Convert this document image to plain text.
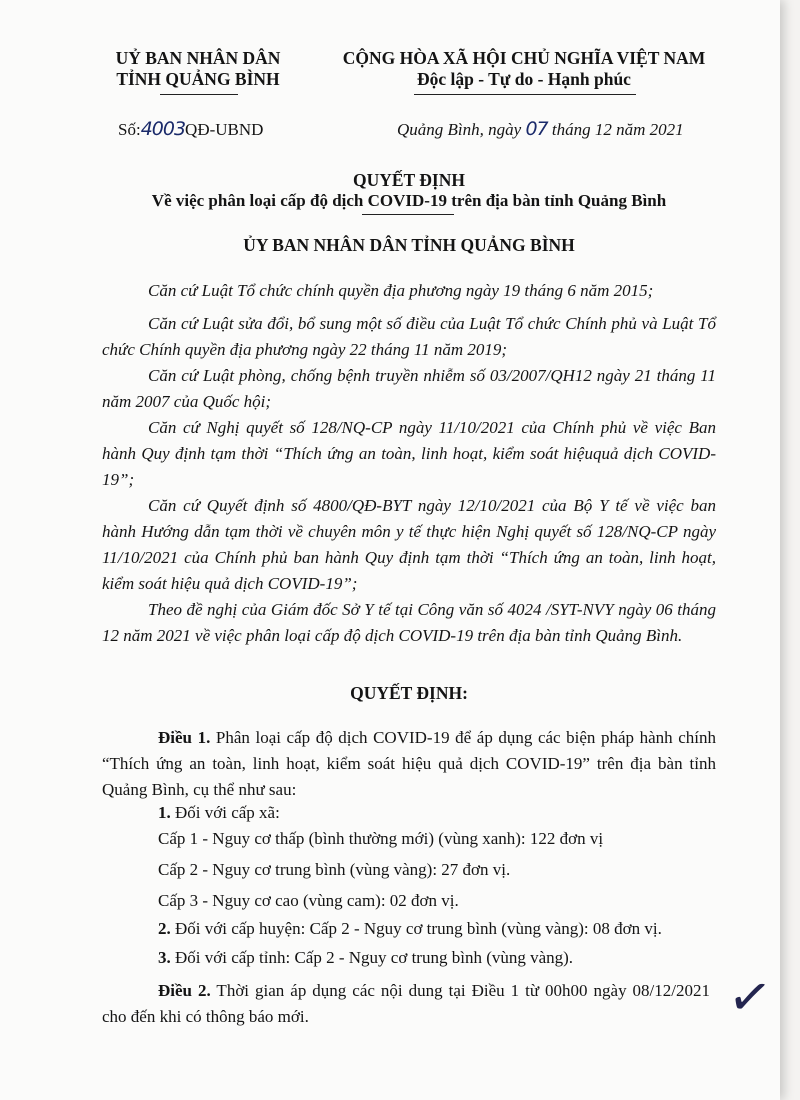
UỶ BAN NHÂN DÂN
TỈNH QUẢNG BÌNH
CỘNG HÒA XÃ HỘI CHỦ NGHĨA VIỆT NAM
Độc lập - Tự do - Hạnh phúc
Số:4003QĐ-UBND	Quảng Bình, ngày 07 tháng 12 năm 2021
QUYẾT ĐỊNH
Về việc phân loại cấp độ dịch COVID-19 trên địa bàn tỉnh Quảng Bình
ỦY BAN NHÂN DÂN TỈNH QUẢNG BÌNH
Căn cứ Luật Tổ chức chính quyền địa phương ngày 19 tháng 6 năm 2015;
Căn cứ Luật sửa đổi, bổ sung một số điều của Luật Tổ chức Chính phủ và Luật Tổ chức Chính quyền địa phương ngày 22 tháng 11 năm 2019;
Căn cứ Luật phòng, chống bệnh truyền nhiễm số 03/2007/QH12 ngày 21 tháng 11 năm 2007 của Quốc hội;
Căn cứ Nghị quyết số 128/NQ-CP ngày 11/10/2021 của Chính phủ về việc Ban hành Quy định tạm thời “Thích ứng an toàn, linh hoạt, kiểm soát hiệuquả dịch COVID-19”;
Căn cứ Quyết định số 4800/QĐ-BYT ngày 12/10/2021 của Bộ Y tế về việc ban hành Hướng dẫn tạm thời về chuyên môn y tế thực hiện Nghị quyết số 128/NQ-CP ngày 11/10/2021 của Chính phủ ban hành Quy định tạm thời “Thích ứng an toàn, linh hoạt, kiểm soát hiệu quả dịch COVID-19”;
Theo đề nghị của Giám đốc Sở Y tế tại Công văn số 4024 /SYT-NVY ngày 06 tháng 12 năm 2021 về việc phân loại cấp độ dịch COVID-19 trên địa bàn tỉnh Quảng Bình.
QUYẾT ĐỊNH:
Điều 1. Phân loại cấp độ dịch COVID-19 để áp dụng các biện pháp hành chính “Thích ứng an toàn, linh hoạt, kiểm soát hiệu quả dịch COVID-19” trên địa bàn tỉnh Quảng Bình, cụ thể như sau:
1. Đối với cấp xã:
Cấp 1 - Nguy cơ thấp (bình thường mới) (vùng xanh): 122 đơn vị
Cấp 2 - Nguy cơ trung bình (vùng vàng): 27 đơn vị.
Cấp 3 - Nguy cơ cao (vùng cam): 02 đơn vị.
2. Đối với cấp huyện: Cấp 2 - Nguy cơ trung bình (vùng vàng): 08 đơn vị.
3. Đối với cấp tỉnh: Cấp 2 - Nguy cơ trung bình (vùng vàng).
Điều 2. Thời gian áp dụng các nội dung tại Điều 1 từ 00h00 ngày 08/12/2021 cho đến khi có thông báo mới.	✓
